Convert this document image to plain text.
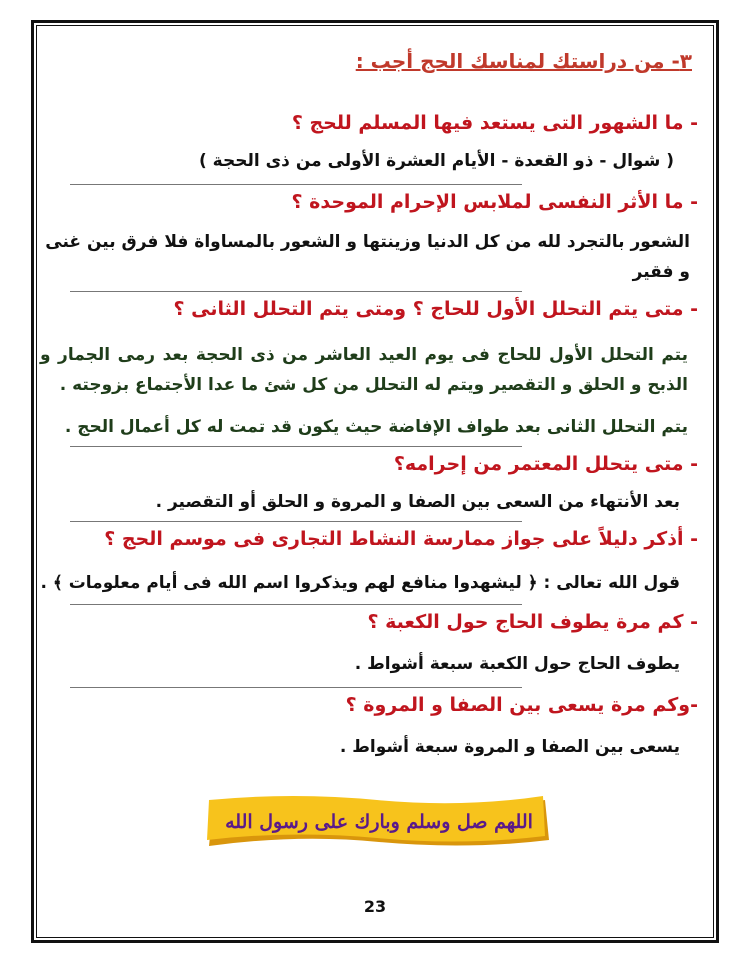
٣- من دراستك لمناسك الحج أجب :
- ما الشهور التى يستعد فيها المسلم للحج ؟
( شوال - ذو القعدة - الأيام العشرة الأولى من ذى الحجة )
- ما الأثر النفسى لملابس الإحرام الموحدة ؟
الشعور بالتجرد لله من كل الدنيا وزينتها و الشعور بالمساواة فلا فرق بين غنى و فقير
- متى يتم التحلل الأول للحاج ؟ ومتى يتم التحلل الثانى ؟
يتم التحلل الأول للحاج فى يوم العيد العاشر من ذى الحجة بعد رمى الجمار و الذبح و الحلق و التقصير ويتم له التحلل من كل شئ ما عدا الأجتماع بزوجته .
يتم التحلل الثانى بعد طواف الإفاضة حيث يكون قد تمت له كل أعمال الحج .
- متى يتحلل المعتمر من إحرامه؟
بعد الأنتهاء من السعى بين الصفا و المروة و الحلق أو التقصير .
- أذكر دليلاً على جواز ممارسة النشاط التجارى فى موسم الحج ؟
قول الله تعالى : ﴿ ليشهدوا منافع لهم ويذكروا اسم الله فى أيام معلومات ﴾ .
- كم مرة يطوف الحاج حول الكعبة ؟
يطوف الحاج حول الكعبة سبعة أشواط .
-وكم مرة يسعى بين الصفا و المروة ؟
يسعى بين الصفا و المروة سبعة أشواط .
اللهم صل وسلم وبارك على رسول الله
23
